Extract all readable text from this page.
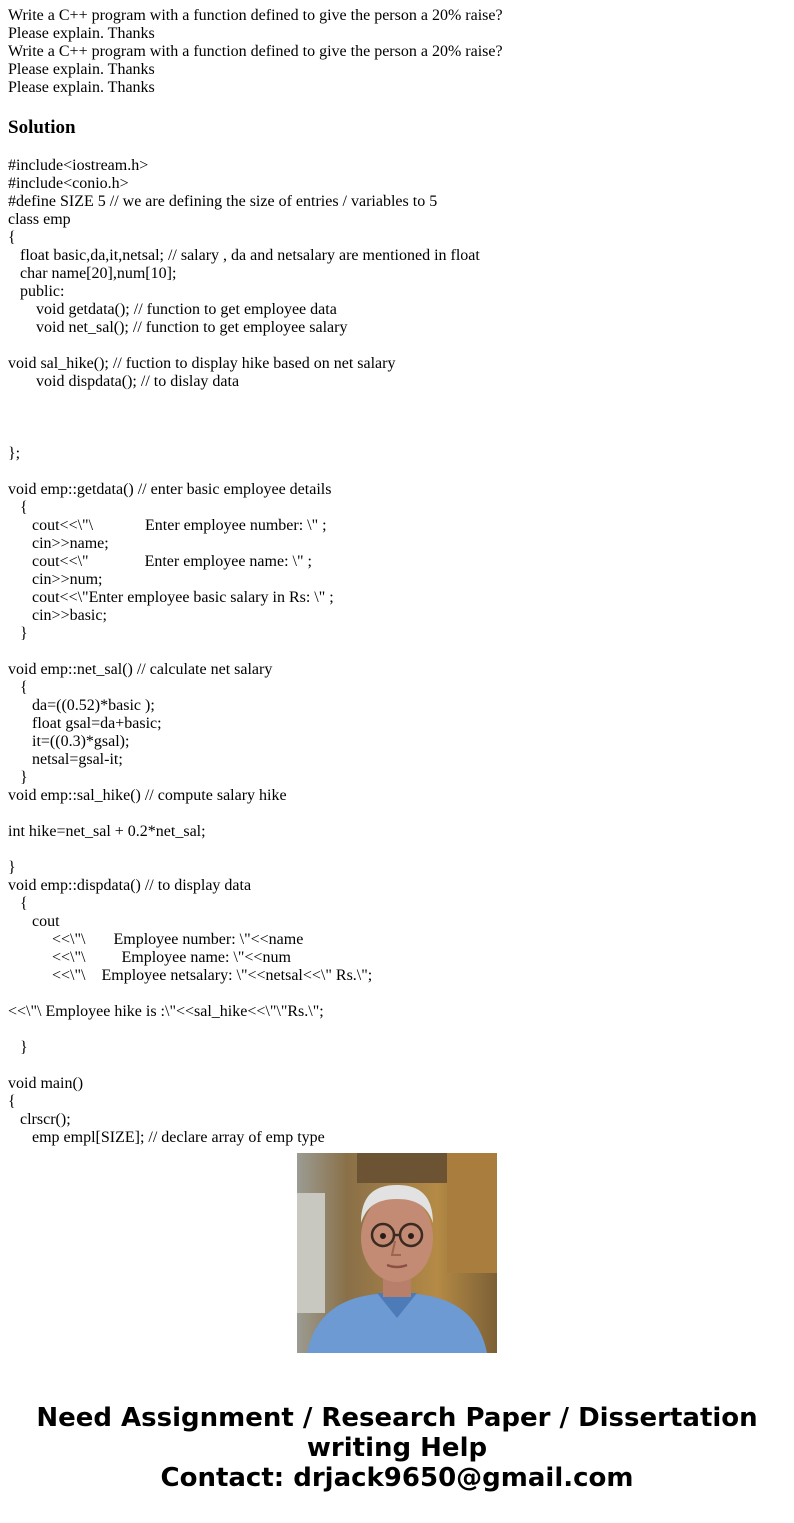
Write a C++ program with a function defined to give the person a 20% raise?

Please explain. Thanks

Write a C++ program with a function defined to give the person a 20% raise?

Please explain. Thanks

Please explain. Thanks

Solution

#include<iostream.h>

#include<conio.h>

#define SIZE 5 // we are defining the size of entries / variables to 5

class emp

{

float basic,da,it,netsal; // salary , da and netsalary are mentioned in float

char name[20],num[10];

public:

void getdata(); // function to get employee data

void net_sal(); // function to get employee salary

void sal_hike(); // fuction to display hike based on net salary

void dispdata(); // to dislay data

};

void emp::getdata() // enter basic employee details

{

cout<<\"\             Enter employee number: \" ;

cin>>name;

cout<<\"              Enter employee name: \" ;

cin>>num;

cout<<\"Enter employee basic salary in Rs: \" ;

cin>>basic;

}

void emp::net_sal() // calculate net salary

{

da=((0.52)*basic );

float gsal=da+basic;

it=((0.3)*gsal);

netsal=gsal-it;

}

void emp::sal_hike() // compute salary hike

int hike=net_sal + 0.2*net_sal;

}

void emp::dispdata() // to display data

{

cout

<<\"\       Employee number: \"<<name

<<\"\         Employee name: \"<<num

<<\"\    Employee netsalary: \"<<netsal<<\" Rs.\";

<<\"\ Employee hike is :\"<<sal_hike<<\"\"Rs.\";

}

void main()

{

clrscr();

emp empl[SIZE]; // declare array of emp type

Need Assignment / Research Paper / Dissertation
writing Help
Contact: drjack9650@gmail.com
